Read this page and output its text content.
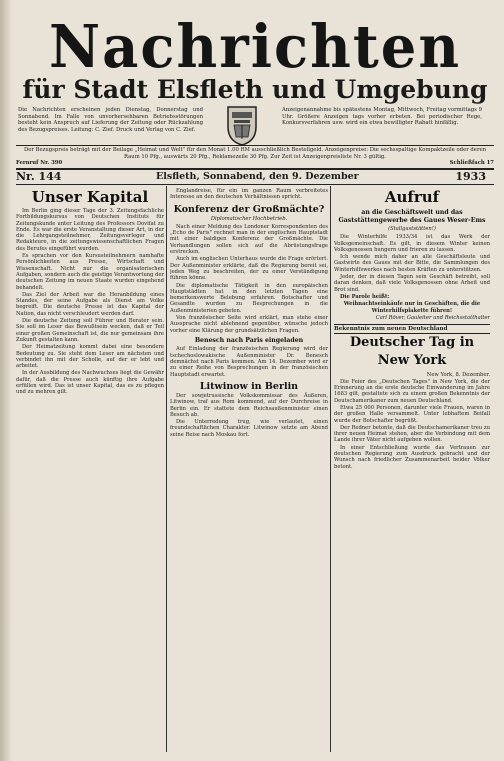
Nachrichten
für Stadt Elsfleth und Umgebung
Die Nachrichten erscheinen jeden Dienstag, Donnerstag und Sonnabend. Im Falle von unvorhersehbaren Betriebsstörungen besteht kein Anspruch auf Lieferung der Zeitung oder Rückzahlung des Bezugspreises. Leitung: C. Zief. Druck und Verlag von C. Zief.
Anzeigenannahme bis spätestens Montag, Mittwoch, Freitag vormittags 9 Uhr. Größere Anzeigen tags vorher erbeten. Bei periodischer Rege, Konkursverfahren usw. wird ein etwa bewilligter Rabatt hinfällig.
Der Bezugspreis beträgt mit der Beilage „Heimat und Welt" für den Monat 1.00 RM ausschließlich Bestellgeld. Anzeigenpreise: Die sechsspaltige Kompaktzeile oder deren Raum 10 Pfg., auswärts 20 Pfg., Reklamezeile 30 Pfg. Zur Zeit ist Anzeigenpreisliste Nr. 3 gültig.
Fernruf Nr. 390	Schließfach 17
Nr. 144	Elsfleth, Sonnabend, den 9. Dezember	1933
Unser Kapital

Im Berlin ging dieser Tage der 3. Zeitungsfachliche Fortbildungskursus von Deutschen Instituts für Zeitungskunde unter Leitung des Professors Dovifat zu Ende. Es war die erste Veranstaltung dieser Art, in der die Lehrgangsteilnehmer, Zeitungsverleger und Redakteure, in die zeitungswissenschaftlichen Fragen des Berufes eingeführt wurden.

Es sprachen vor den Kursusteilnehmern namhafte Persönlichkeiten aus Presse, Wirtschaft und Wissenschaft. Nicht nur die organisatorischen Aufgaben, sondern auch die geistige Verantwortung der deutschen Zeitung im neuen Staate wurden eingehend behandelt.

Das Ziel der Arbeit war die Heranbildung eines Standes, der seine Aufgabe als Dienst am Volke begreift. Die deutsche Presse ist das Kapital der Nation, das nicht verschleudert werden darf.

Die deutsche Zeitung soll Führer und Berater sein. Sie soll im Leser das Bewußtsein wecken, daß er Teil einer großen Gemeinschaft ist, die nur gemeinsam ihre Zukunft gestalten kann.

Der Heimatzeitung kommt dabei eine besondere Bedeutung zu. Sie steht dem Leser am nächsten und verbindet ihn mit der Scholle, auf der er lebt und arbeitet.

In der Ausbildung des Nachwuchses liegt die Gewähr dafür, daß die Presse auch künftig ihre Aufgabe erfüllen wird. Das ist unser Kapital, das es zu pflegen und zu mehren gilt.

Englandreise, für ein im ganzen Raum verbreitetes Interesse an den deutschen Verhältnissen spricht.

Konferenz der Großmächte?
Diplomatischer Hochbetrieb.

Nach einer Meldung des Londoner Korrespondenten des „Echo de Paris" rechnet man in der englischen Hauptstadt mit einer baldigen Konferenz der Großmächte. Die Verhandlungen sollen sich auf die Abrüstungsfrage erstrecken.

Auch im englischen Unterhaus wurde die Frage erörtert. Der Außenminister erklärte, daß die Regierung bereit sei, jeden Weg zu beschreiten, der zu einer Verständigung führen könne.

Die diplomatische Tätigkeit in den europäischen Hauptstädten hat in den letzten Tagen eine bemerkenswerte Belebung erfahren. Botschafter und Gesandte wurden zu Besprechungen in die Außenministerien gebeten.

Von französischer Seite wird erklärt, man stehe einer Aussprache nicht ablehnend gegenüber, wünsche jedoch vorher eine Klärung der grundsätzlichen Fragen.

Benesch nach Paris eingeladen

Auf Einladung der französischen Regierung wird der tschechoslowakische Außenminister Dr. Benesch demnächst nach Paris kommen. Am 14. Dezember wird er zu einer Reihe von Besprechungen in der französischen Hauptstadt erwartet.

Litwinow in Berlin

Der sowjetrussische Volkskommissar des Äußeren, Litwinow, traf aus Rom kommend, auf der Durchreise in Berlin ein. Er stattete dem Reichsaußenminister einen Besuch ab.

Die Unterredung trug, wie verlautet, einen freundschaftlichen Charakter. Litwinow setzte am Abend seine Reise nach Moskau fort.

Aufruf
an die Geschäftswelt und das Gaststättengewerbe des Gaues Weser-Ems
(Stallgaststätten!)

Die Winterhilfe 1933/34 ist das Werk der Volksgemeinschaft. Es gilt, in diesem Winter keinen Volksgenossen hungern und frieren zu lassen.

Ich wende mich daher an alle Geschäftsleute und Gastwirte des Gaues mit der Bitte, die Sammlungen des Winterhilfswerkes nach besten Kräften zu unterstützen.

Jeder, der in diesen Tagen sein Geschäft betreibt, soll daran denken, daß viele Volksgenossen ohne Arbeit und Brot sind.

Die Parole heißt:

Weihnachtseinkäufe nur in Geschäften, die die Winterhilfsplakette führen!

Carl Röver, Gauleiter und Reichsstatthalter

Bekenntnis zum neuen Deutschland
Deutscher Tag in New York
New York, 8. Dezember.

Die Feier des „Deutschen Tages" in New York, die der Erinnerung an die erste deutsche Einwanderung im Jahre 1683 gilt, gestaltete sich zu einem großen Bekenntnis der Deutschamerikaner zum neuen Deutschland.

Etwa 25 000 Personen, darunter viele Frauen, waren in der großen Halle versammelt. Unter lebhaftem Beifall wurde der Botschafter begrüßt.

Der Redner betonte, daß die Deutschamerikaner treu zu ihrer neuen Heimat stehen, aber die Verbindung mit dem Lande ihrer Väter nicht aufgeben wollen.

In einer Entschließung wurde das Vertrauen zur deutschen Regierung zum Ausdruck gebracht und der Wunsch nach friedlicher Zusammenarbeit beider Völker betont.
